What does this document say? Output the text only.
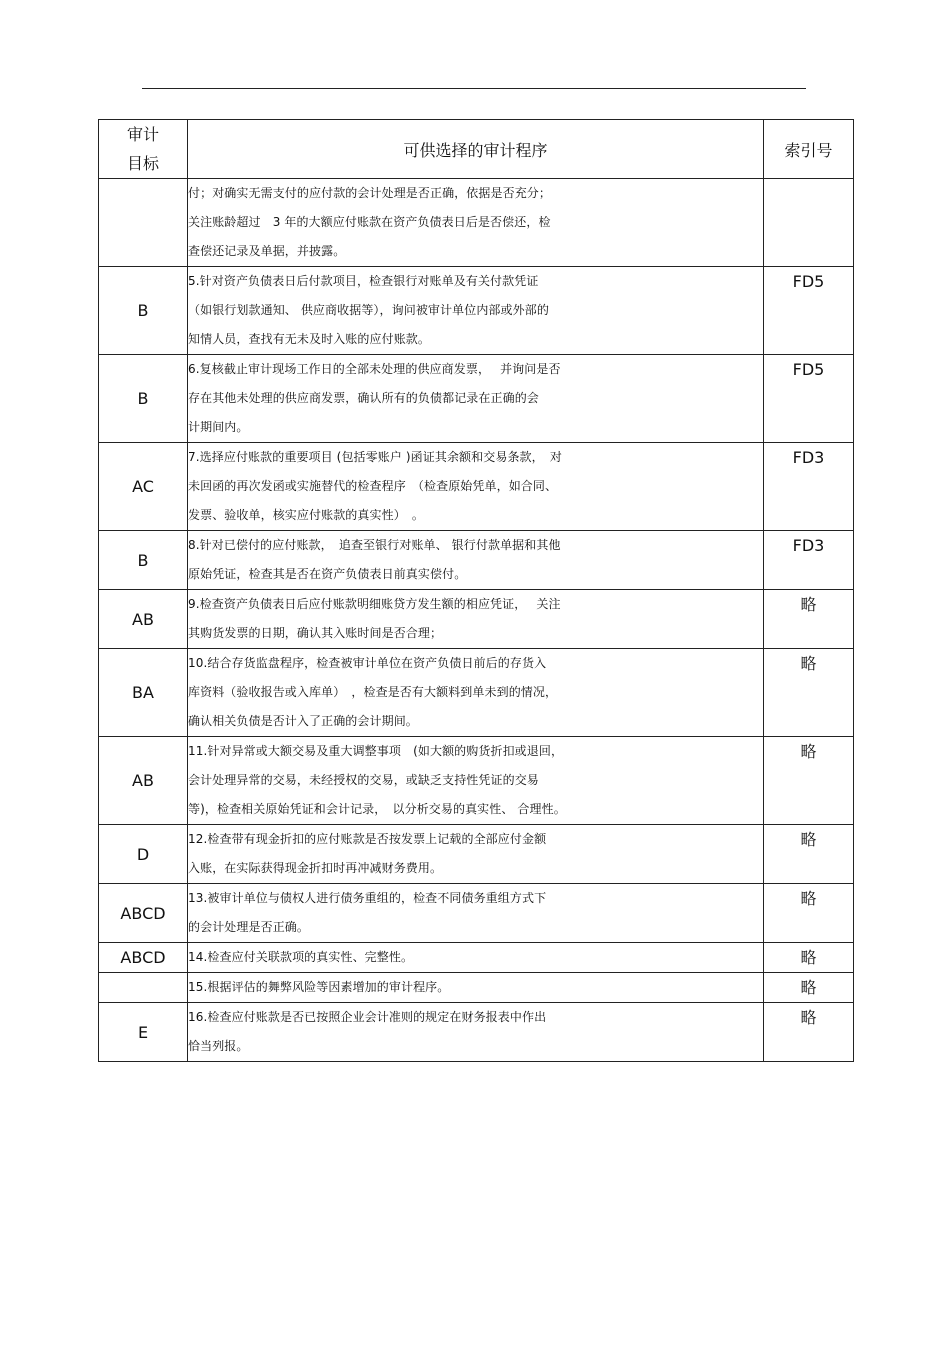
审计
目标	可供选择的审计程序	索引号

	付；对确实无需支付的应付款的会计处理是否正确，依据是否充分；
关注账龄超过　3 年的大额应付账款在资产负债表日后是否偿还，检
查偿还记录及单据，并披露。	

B	5.针对资产负债表日后付款项目，检查银行对账单及有关付款凭证
（如银行划款通知、 供应商收据等），询问被审计单位内部或外部的
知情人员，查找有无未及时入账的应付账款。	FD5
B	6.复核截止审计现场工作日的全部未处理的供应商发票，　 并询问是否
存在其他未处理的供应商发票，确认所有的负债都记录在正确的会
计期间内。	FD5
AC	7.选择应付账款的重要项目 (包括零账户 )函证其余额和交易条款，　对
未回函的再次发函或实施替代的检查程序　（检查原始凭单，如合同、
发票、验收单，核实应付账款的真实性）　。	FD3
B	8.针对已偿付的应付账款，　追查至银行对账单、 银行付款单据和其他
原始凭证，检查其是否在资产负债表日前真实偿付。	FD3
AB	9.检查资产负债表日后应付账款明细账贷方发生额的相应凭证，　 关注
其购货发票的日期，确认其入账时间是否合理；	略
BA	10.结合存货监盘程序，检查被审计单位在资产负债日前后的存货入
库资料（验收报告或入库单）　，检查是否有大额料到单未到的情况，
确认相关负债是否计入了正确的会计期间。	略
AB	11.针对异常或大额交易及重大调整事项　(如大额的购货折扣或退回，
会计处理异常的交易，未经授权的交易，或缺乏支持性凭证的交易
等)，检查相关原始凭证和会计记录，　以分析交易的真实性、 合理性。	略
D	12.检查带有现金折扣的应付账款是否按发票上记载的全部应付金额
入账，在实际获得现金折扣时再冲减财务费用。	略
ABCD	13.被审计单位与债权人进行债务重组的，检查不同债务重组方式下
的会计处理是否正确。	略
ABCD	14.检查应付关联款项的真实性、完整性。	略

	15.根据评估的舞弊风险等因素增加的审计程序。	略
E	16.检查应付账款是否已按照企业会计准则的规定在财务报表中作出
恰当列报。	略
